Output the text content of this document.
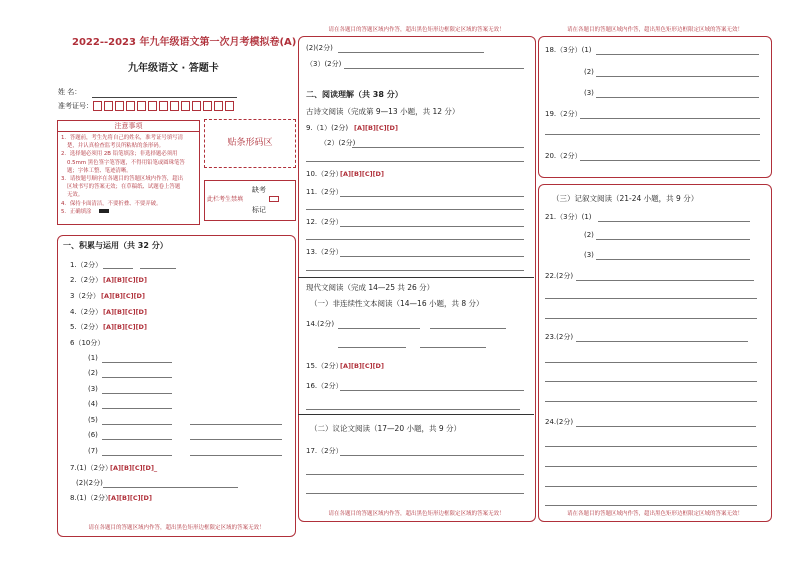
2022--2023 年九年级语文第一次月考模拟卷(A)
九年级语文 · 答题卡
姓 名：
准考证号：
注意事项
1．答题前，考生先将自己的姓名，准考证号填写清
楚，并认真检查监考员所粘贴的条形码。
2．选择题必须用 2B 铅笔填涂；非选择题必须用
0.5mm 黑色签字笔答题，不得用铅笔或圆珠笔答
题；字体工整、笔迹清晰。
3．请按题号顺序在各题目的答题区域内作答，超出
区域书写的答案无效；在草稿纸、试题卷上答题
无效。
4．保持卡面清洁，不要折叠、不要弄破。
5．正确填涂
贴条形码区
此栏考生禁填
缺考
标记
一、积累与运用（共 32 分）
1.（2分）
2.（2分） [A][B][C][D]
3（2分） [A][B][C][D]
4.（2分） [A][B][C][D]
5.（2分） [A][B][C][D]
6（10分）
(1)
(2)
(3)
(4)
(5)
(6)
(7)
7.(1)（2分）
[A][B][C][D]_
(2)(2分)
8.(1)（2分）
[A][B][C][D]
请在各题目的答题区域内作答，超出黑色矩形边框限定区域的答案无效！
请在各题目的答题区域内作答，超出黑色矩形边框限定区域的答案无效！
(2)(2分)
（3）(2分)
二、阅读理解（共 38 分）
古诗文阅读（完成第 9—13 小题，共 12 分）
9.（1）(2分) [A][B][C][D]
（2）(2分)
10.（2分）
[A][B][C][D]
11.（2分）
12.（2分）
13.（2分）
现代文阅读（完成 14—25 共 26 分）
（一）非连续性文本阅读（14—16 小题，共 8 分）
14.(2分)
15.（2分）
[A][B][C][D]
16.（2分）
（二）议论文阅读（17—20 小题，共 9 分）
17.（2分）
请在各题目的答题区域内作答，超出黑色矩形边框限定区域的答案无效！
请在各题目的答题区域内作答，超出黑色矩形边框限定区域的答案无效！
18.（3分）(1)
(2)
(3)
19.（2分）
20.（2分）
（三）记叙文阅读（21-24 小题，共 9 分）
21.（3分）(1)
(2)
(3)
22.(2分)
23.(2分)
24.(2分)
请在各题目的答题区域内作答，超出黑色矩形边框限定区域的答案无效！
